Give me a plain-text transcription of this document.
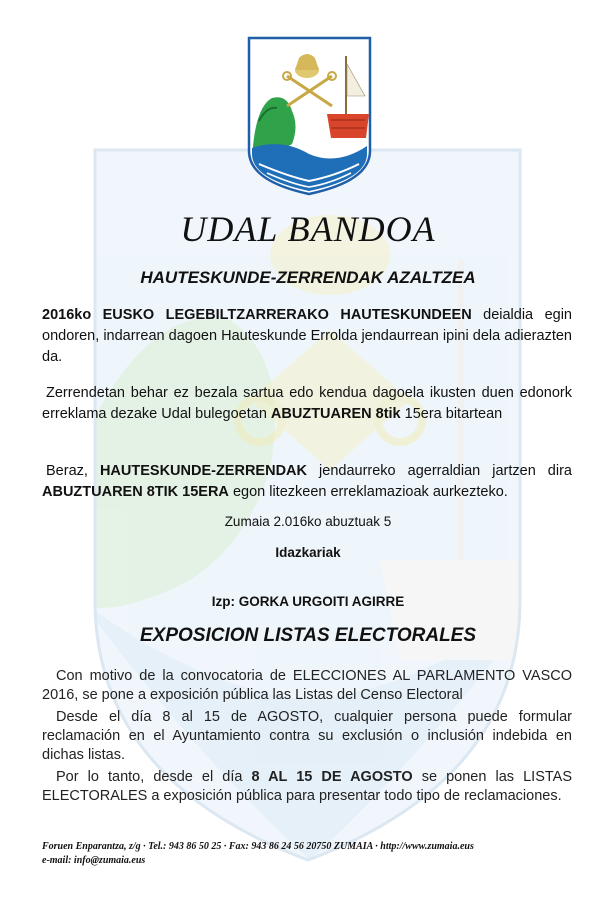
UDAL BANDOA
HAUTESKUNDE-ZERRENDAK AZALTZEA
2016ko EUSKO LEGEBILTZARRERAKO HAUTESKUNDEEN deialdia egin ondoren, indarrean dagoen Hauteskunde Errolda jendaurrean ipini dela adierazten da.
Zerrendetan behar ez bezala sartua edo kendua dagoela ikusten duen edonork erreklama dezake Udal bulegoetan ABUZTUAREN 8tik 15era bitartean
Beraz, HAUTESKUNDE-ZERRENDAK jendaurreko agerraldian jartzen dira ABUZTUAREN 8TIK 15ERA egon litezkeen erreklamazioak aurkezteko.
Zumaia 2.016ko abuztuak 5
Idazkariak
Izp: GORKA URGOITI AGIRRE
EXPOSICION LISTAS ELECTORALES
Con motivo de la convocatoria de ELECCIONES AL PARLAMENTO VASCO 2016, se pone a exposición pública las Listas del Censo Electoral
Desde el día 8 al 15 de AGOSTO, cualquier persona puede formular reclamación en el Ayuntamiento contra su exclusión o inclusión indebida en dichas listas.
Por lo tanto, desde el día 8 AL 15 DE AGOSTO se ponen las LISTAS ELECTORALES a exposición pública para presentar todo tipo de reclamaciones.
Foruen Enparantza, z/g · Tel.: 943 86 50 25 · Fax: 943 86 24 56 20750 ZUMAIA · http://www.zumaia.eus
e-mail: info@zumaia.eus
